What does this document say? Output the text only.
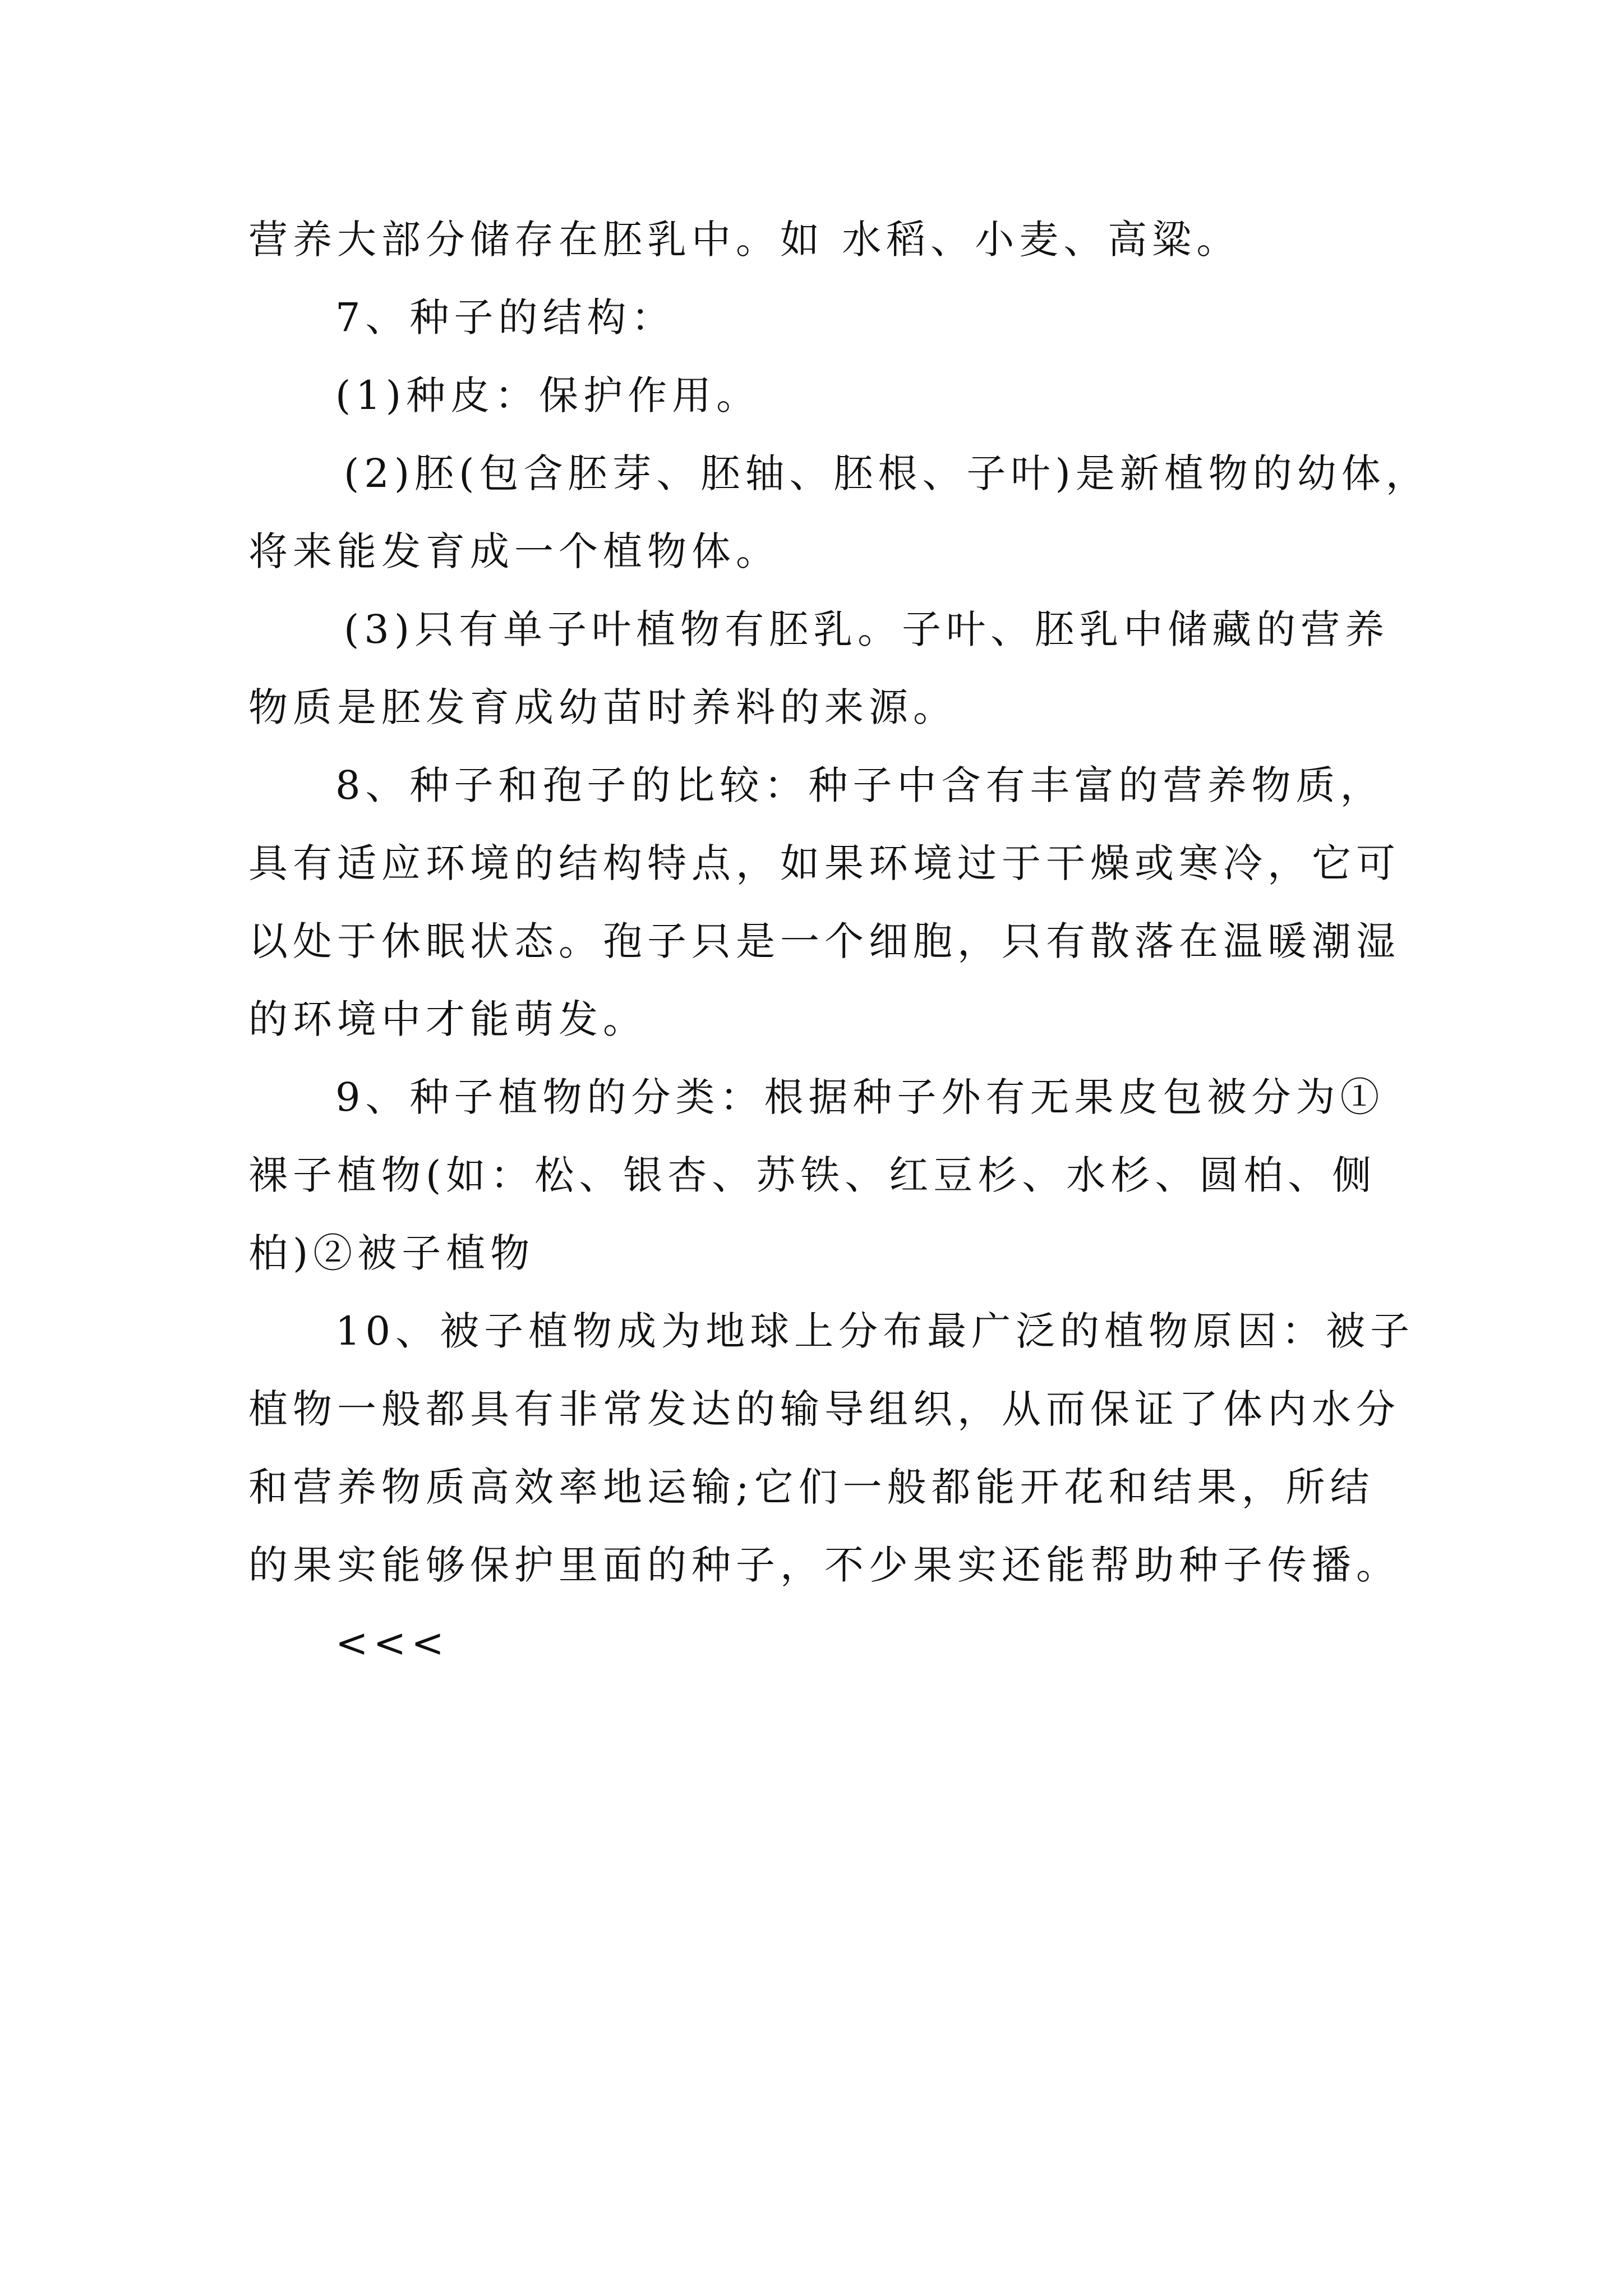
营养大部分储存在胚乳中。如 水稻、小麦、高粱。

7、种子的结构：

(1)种皮：保护作用。

(2)胚(包含胚芽、胚轴、胚根、子叶)是新植物的幼体，

将来能发育成一个植物体。

(3)只有单子叶植物有胚乳。子叶、胚乳中储藏的营养

物质是胚发育成幼苗时养料的来源。

8、种子和孢子的比较：种子中含有丰富的营养物质，

具有适应环境的结构特点，如果环境过于干燥或寒冷，它可

以处于休眠状态。孢子只是一个细胞，只有散落在温暖潮湿

的环境中才能萌发。

9、种子植物的分类：根据种子外有无果皮包被分为①

裸子植物(如：松、银杏、苏铁、红豆杉、水杉、圆柏、侧

柏)②被子植物

10、被子植物成为地球上分布最广泛的植物原因：被子

植物一般都具有非常发达的输导组织，从而保证了体内水分

和营养物质高效率地运输;它们一般都能开花和结果，所结

的果实能够保护里面的种子，不少果实还能帮助种子传播。

<<<
